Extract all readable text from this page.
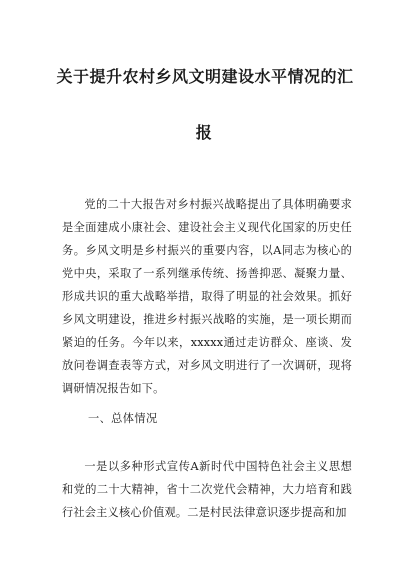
关于提升农村乡风文明建设水平情况的汇
报
党的二十大报告对乡村振兴战略提出了具体明确要求是全面建成小康社会、建设社会主义现代化国家的历史任务。乡风文明是乡村振兴的重要内容，以A同志为核心的党中央，采取了一系列继承传统、扬善抑恶、凝聚力量、形成共识的重大战略举措，取得了明显的社会效果。抓好乡风文明建设，推进乡村振兴战略的实施，是一项长期而紧迫的任务。今年以来，xxxxx通过走访群众、座谈、发放问卷调查表等方式，对乡风文明进行了一次调研，现将调研情况报告如下。
一、总体情况
一是以多种形式宣传A新时代中国特色社会主义思想和党的二十大精神，省十二次党代会精神，大力培育和践行社会主义核心价值观。二是村民法律意识逐步提高和加
